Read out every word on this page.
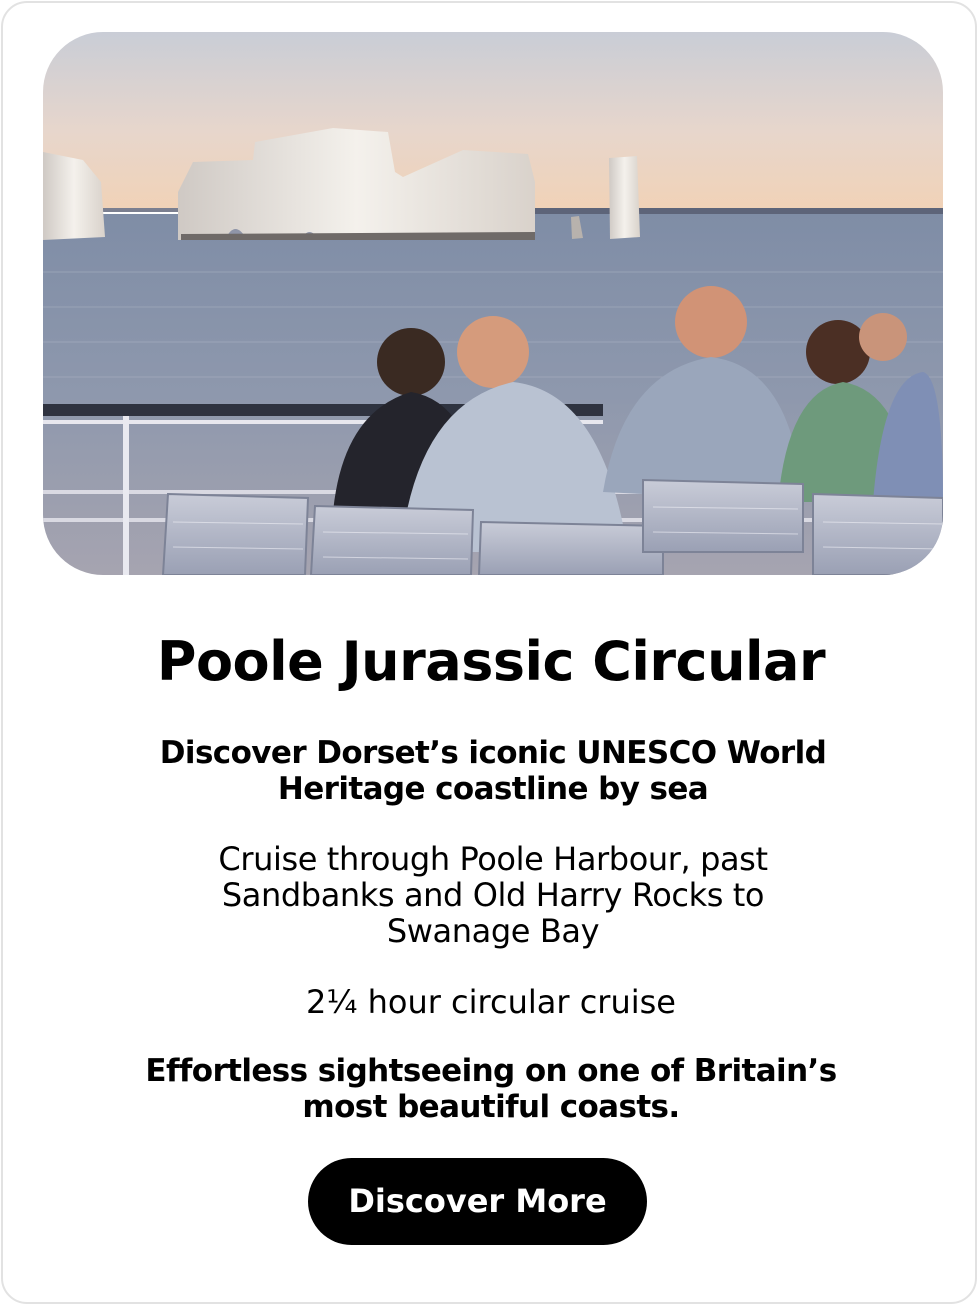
Poole Jurassic Circular

Discover Dorset’s iconic UNESCO World Heritage coastline by sea

Cruise through Poole Harbour, past Sandbanks and Old Harry Rocks to Swanage Bay

2¼ hour circular cruise

Effortless sightseeing on one of Britain’s most beautiful coasts.

Discover More
